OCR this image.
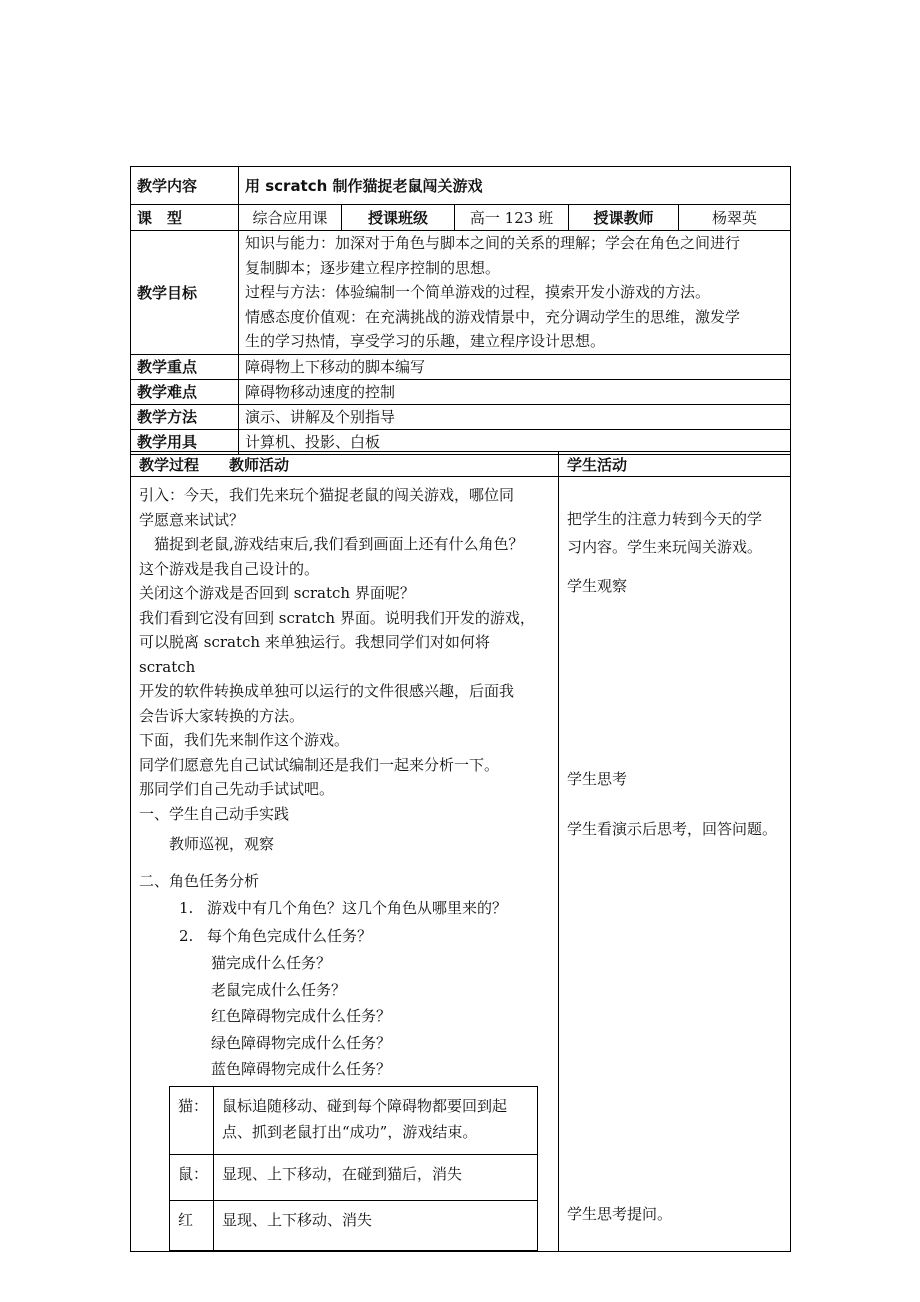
教学内容	用 scratch 制作猫捉老鼠闯关游戏				
课　型	综合应用课	授课班级	高一 123 班	授课教师	杨翠英
教学目标	知识与能力：加深对于角色与脚本之间的关系的理解；学会在角色之间进行
复制脚本；逐步建立程序控制的思想。
过程与方法：体验编制一个简单游戏的过程，摸索开发小游戏的方法。
情感态度价值观：在充满挑战的游戏情景中，充分调动学生的思维，激发学
生的学习热情，享受学习的乐趣，建立程序设计思想。				

教学重点	障碍物上下移动的脚本编写				
教学难点	障碍物移动速度的控制				
教学方法	演示、讲解及个别指导				
教学用具	计算机、投影、白板				
教学过程　　教师活动	学生活动

引入：今天，我们先来玩个猫捉老鼠的闯关游戏，哪位同
学愿意来试试？
　猫捉到老鼠,游戏结束后,我们看到画面上还有什么角色？
这个游戏是我自己设计的。
关闭这个游戏是否回到 scratch 界面呢？
我们看到它没有回到 scratch 界面。说明我们开发的游戏，
可以脱离 scratch 来单独运行。我想同学们对如何将 scratch
开发的软件转换成单独可以运行的文件很感兴趣，后面我
会告诉大家转换的方法。
下面，我们先来制作这个游戏。
同学们愿意先自己试试编制还是我们一起来分析一下。
那同学们自己先动手试试吧。
一、学生自己动手实践
教师巡视，观察
二、角色任务分析
1. 游戏中有几个角色？这几个角色从哪里来的？
2. 每个角色完成什么任务？
猫完成什么任务？
老鼠完成什么任务？
红色障碍物完成什么任务？
绿色障碍物完成什么任务？
蓝色障碍物完成什么任务？
猫：	鼠标追随移动、碰到每个障碍物都要回到起点、抓到老鼠打出“成功”，游戏结束。
鼠：	显现、上下移动，在碰到猫后，消失
红	显现、上下移动、消失

把学生的注意力转到今天的学
习内容。学生来玩闯关游戏。
学生观察
学生思考
学生看演示后思考，回答问题。
学生思考提问。
